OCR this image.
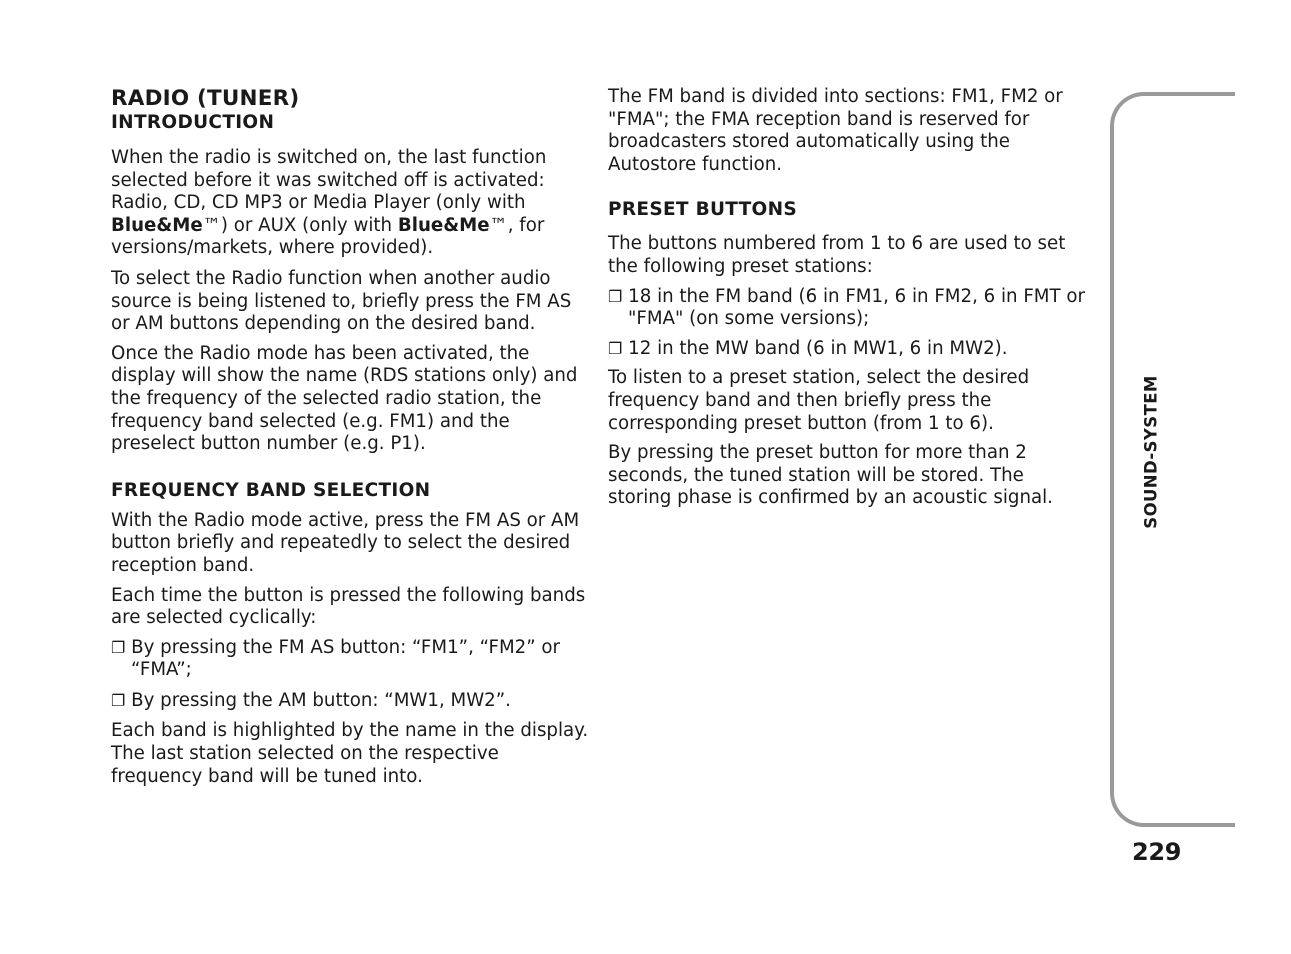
RADIO (TUNER)

INTRODUCTION

When the radio is switched on, the last function selected before it was switched off is activated: Radio, CD, CD MP3 or Media Player (only with Blue&Me™) or AUX (only with Blue&Me™, for versions/markets, where provided).

To select the Radio function when another audio source is being listened to, briefly press the FM AS or AM buttons depending on the desired band.

Once the Radio mode has been activated, the display will show the name (RDS stations only) and the frequency of the selected radio station, the frequency band selected (e.g. FM1) and the preselect button number (e.g. P1).

FREQUENCY BAND SELECTION

With the Radio mode active, press the FM AS or AM button briefly and repeatedly to select the desired reception band.

Each time the button is pressed the following bands are selected cyclically:

❐ By pressing the FM AS button: “FM1”, “FM2” or “FMA”;

❐ By pressing the AM button: “MW1, MW2”.

Each band is highlighted by the name in the display. The last station selected on the respective frequency band will be tuned into.

The FM band is divided into sections: FM1, FM2 or "FMA"; the FMA reception band is reserved for broadcasters stored automatically using the Autostore function.

PRESET BUTTONS

The buttons numbered from 1 to 6 are used to set the following preset stations:

❐ 18 in the FM band (6 in FM1, 6 in FM2, 6 in FMT or "FMA" (on some versions);

❐ 12 in the MW band (6 in MW1, 6 in MW2).

To listen to a preset station, select the desired frequency band and then briefly press the corresponding preset button (from 1 to 6).

By pressing the preset button for more than 2 seconds, the tuned station will be stored. The storing phase is confirmed by an acoustic signal.	SOUND-SYSTEM
229
